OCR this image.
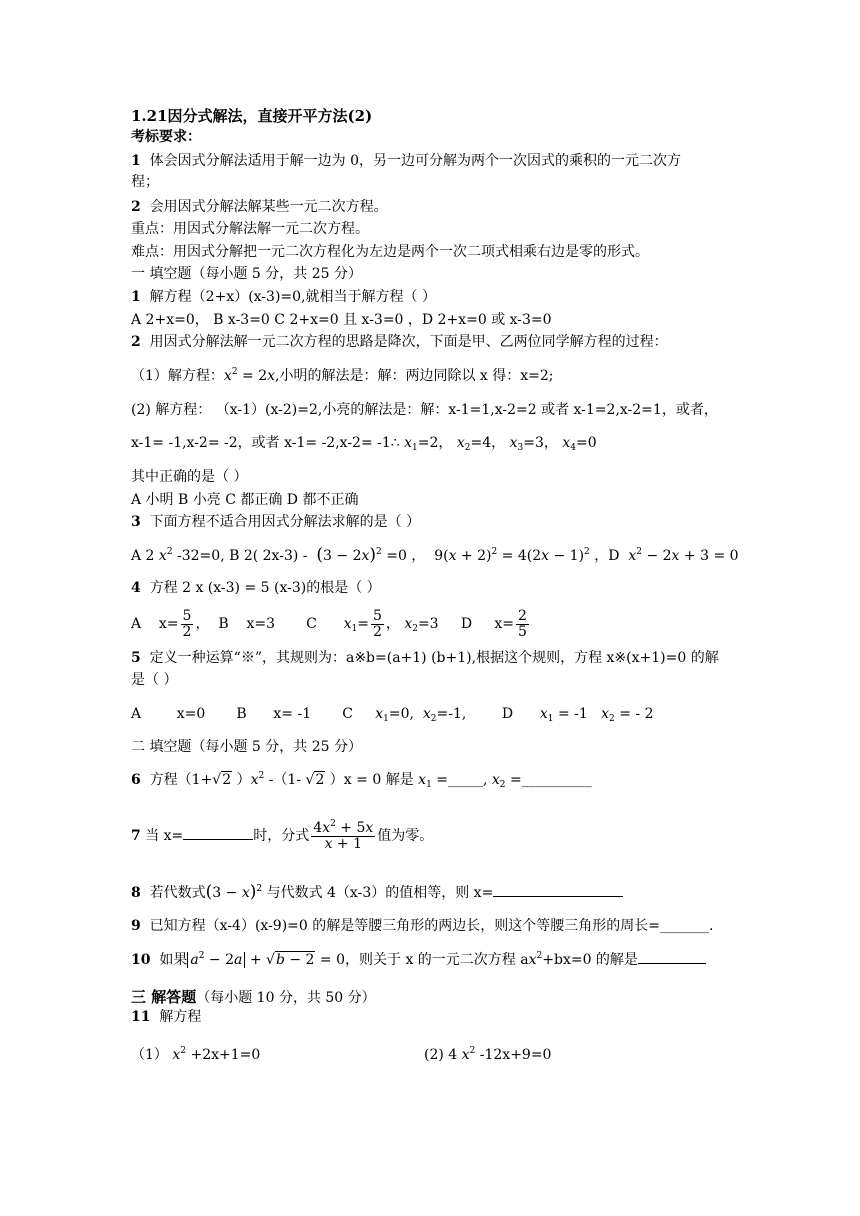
1.21因分式解法，直接开平方法(2)
考标要求：
1 体会因式分解法适用于解一边为 0，另一边可分解为两个一次因式的乘积的一元二次方
程；
2 会用因式分解法解某些一元二次方程。
重点：用因式分解法解一元二次方程。
难点：用因式分解把一元二次方程化为左边是两个一次二项式相乘右边是零的形式。
一 填空题（每小题 5 分，共 25 分）
1 解方程（2+x）(x-3)=0,就相当于解方程（ ）
A 2+x=0， B x-3=0 C 2+x=0 且 x-3=0 ，D 2+x=0 或 x-3=0
2 用因式分解法解一元二次方程的思路是降次，下面是甲、乙两位同学解方程的过程：
（1）解方程：$x^2 = 2x$,小明的解法是：解：两边同除以 x 得：x=2;
(2) 解方程： （x-1）(x-2)=2,小亮的解法是：解：x-1=1,x-2=2 或者 x-1=2,x-2=1，或者，
x-1= -1,x-2= -2，或者 x-1= -2,x-2= -1∴ $x_1=2$， $x_2=4$， $x_3=3$， $x_4=0$
其中正确的是（ ）
A 小明 B 小亮 C 都正确 D 都不正确
3 下面方程不适合用因式分解法求解的是（ ）
A 2 $x^2$ -32=0, B 2( $2x-3) - (3 - 2x)^2 =0$ ，  $9(x + 2)^2 = 4(2x - 1)^2$ ，D  $x^2 - 2x + 3 = 0$
4 方程 2 x (x-3) = 5 (x-3)的根是（ ）
A    $x= \frac{5}{2}$ ，  B    x=3       C      $x_1= \frac{5}{2}$ ， $x_2=3$     D     $x= \frac{2}{5}$
5 定义一种运算“※”，其规则为：a※b=(a+1) (b+1),根据这个规则，方程 x※(x+1)=0 的解
是（ ）
A        x=0       B      x= -1       C     $x_1=0$,  $x_2=-1$,        D      $x_1 = -1$   $x_2$ = - 2
二 填空题（每小题 5 分，共 25 分）
6 方程（1+√2 ）$x^2$ -（1- √2 ）x = 0 解是 $x_1$ =_____, $x_2$ =__________
7 当 x=	时，分式 $\frac{4x^2 + 5x}{x + 1}$ 值为零。
8 若代数式$(3 - x)^2$ 与代数式 4（x-3）的值相等，则 x=
9 已知方程（x-4）(x-9)=0 的解是等腰三角形的两边长，则这个等腰三角形的周长=_______.
10 如果 $a^2 - 2a + √b - 2 = 0$，则关于 x 的一元二次方程 $ax^2+bx=0$ 的解是
三 解答题（每小题 10 分，共 50 分）
11 解方程
（1） $x^2 +2x+1=0$	(2) 4 $x^2$ -12x+9=0
